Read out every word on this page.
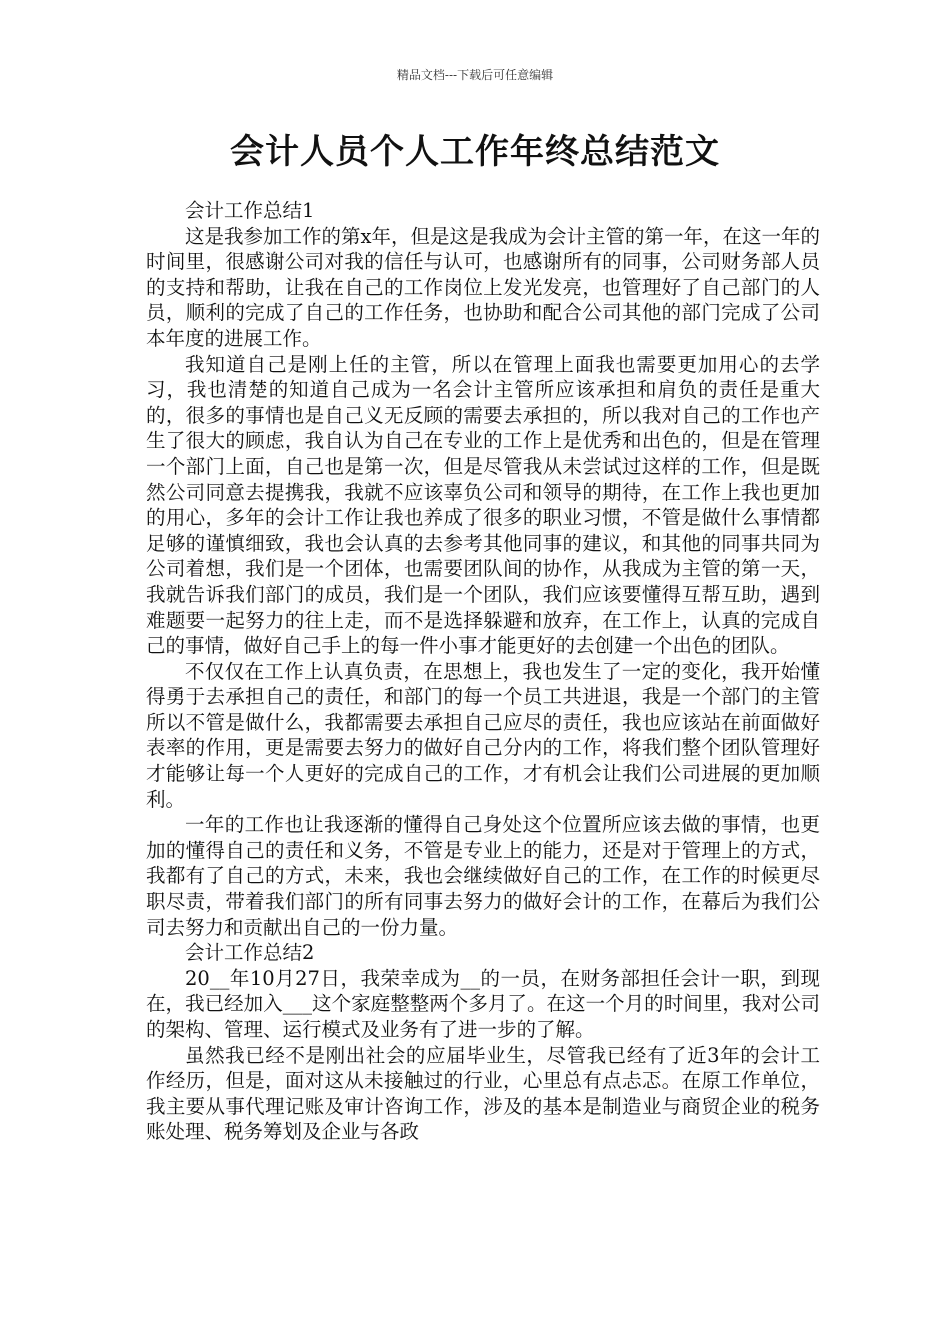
精品文档---下载后可任意编辑
会计人员个人工作年终总结范文

会计工作总结1

这是我参加工作的第x年，但是这是我成为会计主管的第一年，在这一年的时间里，很感谢公司对我的信任与认可，也感谢所有的同事，公司财务部人员的支持和帮助，让我在自己的工作岗位上发光发亮，也管理好了自己部门的人员，顺利的完成了自己的工作任务，也协助和配合公司其他的部门完成了公司本年度的进展工作。

我知道自己是刚上任的主管，所以在管理上面我也需要更加用心的去学习，我也清楚的知道自己成为一名会计主管所应该承担和肩负的责任是重大的，很多的事情也是自己义无反顾的需要去承担的，所以我对自己的工作也产生了很大的顾虑，我自认为自己在专业的工作上是优秀和出色的，但是在管理一个部门上面，自己也是第一次，但是尽管我从未尝试过这样的工作，但是既然公司同意去提携我，我就不应该辜负公司和领导的期待，在工作上我也更加的用心，多年的会计工作让我也养成了很多的职业习惯，不管是做什么事情都足够的谨慎细致，我也会认真的去参考其他同事的建议，和其他的同事共同为公司着想，我们是一个团体，也需要团队间的协作，从我成为主管的第一天，我就告诉我们部门的成员，我们是一个团队，我们应该要懂得互帮互助，遇到难题要一起努力的往上走，而不是选择躲避和放弃，在工作上，认真的完成自己的事情，做好自己手上的每一件小事才能更好的去创建一个出色的团队。

不仅仅在工作上认真负责，在思想上，我也发生了一定的变化，我开始懂得勇于去承担自己的责任，和部门的每一个员工共进退，我是一个部门的主管所以不管是做什么，我都需要去承担自己应尽的责任，我也应该站在前面做好表率的作用，更是需要去努力的做好自己分内的工作，将我们整个团队管理好才能够让每一个人更好的完成自己的工作，才有机会让我们公司进展的更加顺利。

一年的工作也让我逐渐的懂得自己身处这个位置所应该去做的事情，也更加的懂得自己的责任和义务，不管是专业上的能力，还是对于管理上的方式，我都有了自己的方式，未来，我也会继续做好自己的工作，在工作的时候更尽职尽责，带着我们部门的所有同事去努力的做好会计的工作，在幕后为我们公司去努力和贡献出自己的一份力量。

会计工作总结2

20__年10月27日，我荣幸成为__的一员，在财务部担任会计一职，到现在，我已经加入___这个家庭整整两个多月了。在这一个月的时间里，我对公司的架构、管理、运行模式及业务有了进一步的了解。

虽然我已经不是刚出社会的应届毕业生，尽管我已经有了近3年的会计工作经历，但是，面对这从未接触过的行业，心里总有点忐忑。在原工作单位，我主要从事代理记账及审计咨询工作，涉及的基本是制造业与商贸企业的税务账处理、税务筹划及企业与各政
